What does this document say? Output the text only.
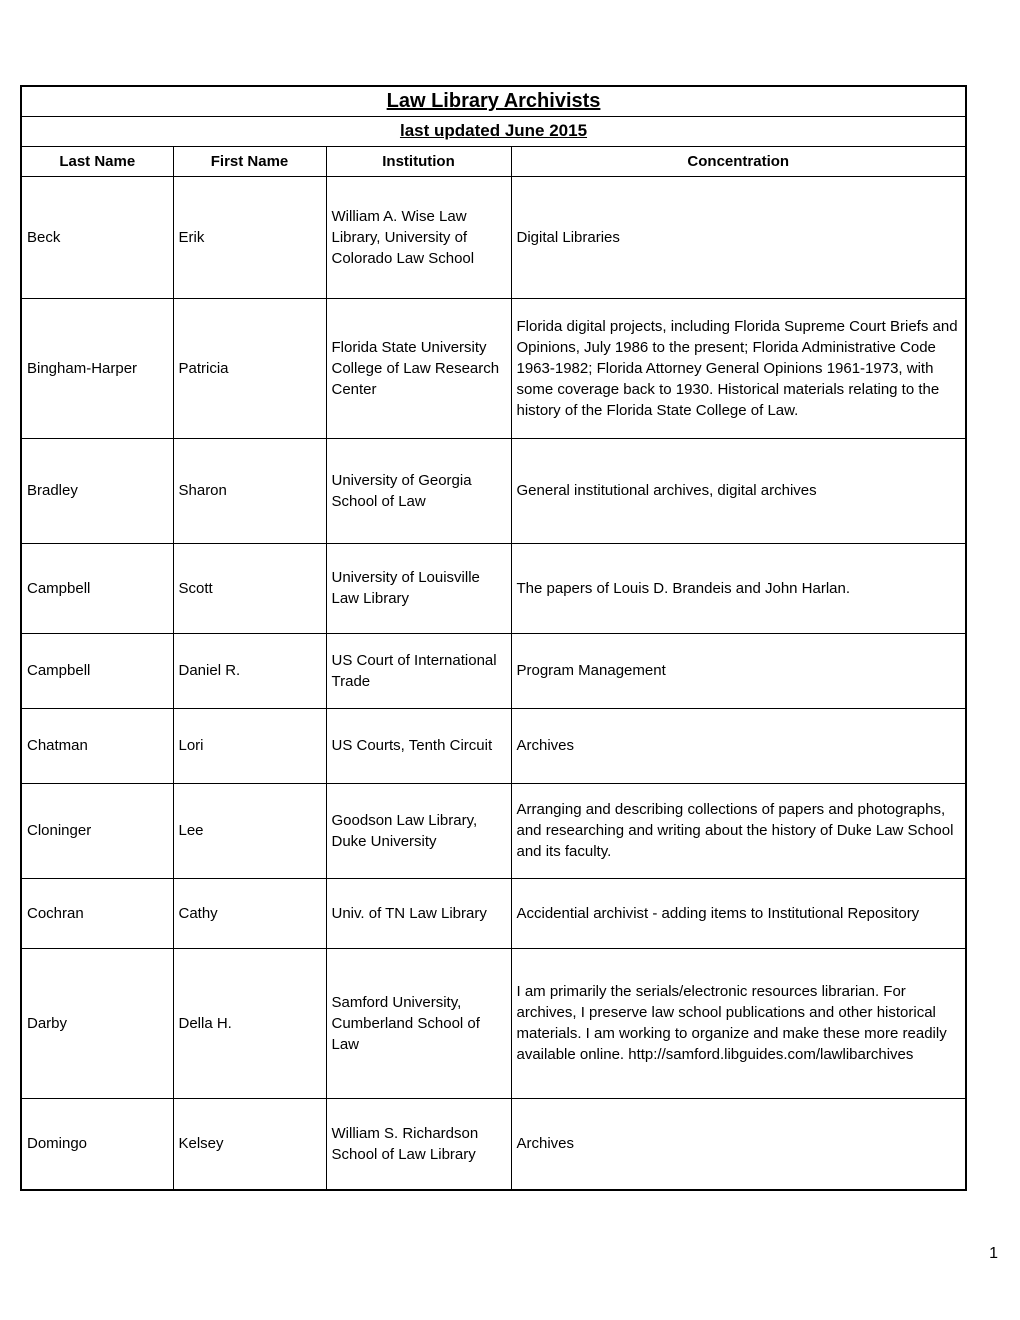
Law Library Archivists			
last updated June 2015			
Last Name	First Name	Institution	Concentration
Beck	Erik	William A. Wise Law Library, University of Colorado Law School	Digital Libraries
Bingham-Harper	Patricia	Florida State University College of Law Research Center	Florida digital projects, including Florida Supreme Court Briefs and Opinions, July 1986 to the present; Florida Administrative Code 1963-1982; Florida Attorney General Opinions 1961-1973, with some coverage back to 1930. Historical materials relating to the history of the Florida State College of Law.
Bradley	Sharon	University of Georgia School of Law	General institutional archives, digital archives
Campbell	Scott	University of Louisville Law Library	The papers of Louis D. Brandeis and John Harlan.
Campbell	Daniel R.	US Court of International Trade	Program Management
Chatman	Lori	US Courts, Tenth Circuit	Archives
Cloninger	Lee	Goodson Law Library, Duke University	Arranging and describing collections of papers and photographs, and researching and writing about the history of Duke Law School and its faculty.
Cochran	Cathy	Univ. of TN Law Library	Accidential archivist - adding items to Institutional Repository
Darby	Della H.	Samford University, Cumberland School of Law	I am primarily the serials/electronic resources librarian. For archives, I preserve law school publications and other historical materials. I am working to organize and make these more readily available online. http://samford.libguides.com/lawlibarchives
Domingo	Kelsey	William S. Richardson School of Law Library	Archives
1
